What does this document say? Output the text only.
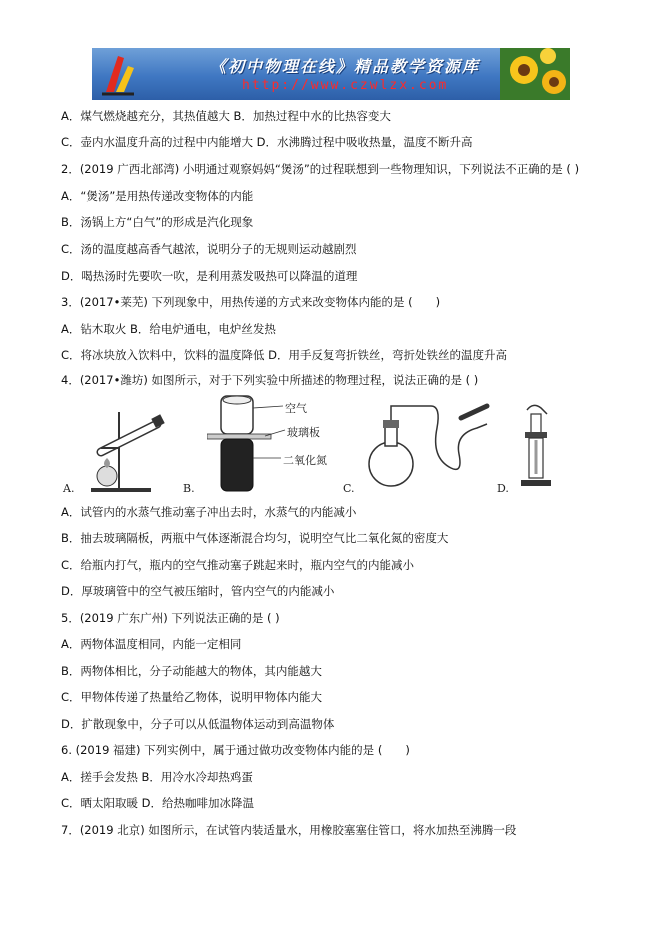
《初中物理在线》精品教学资源库
http://www.czwlzx.com
A．煤气燃烧越充分，其热值越大 B．加热过程中水的比热容变大
C．壶内水温度升高的过程中内能增大 D．水沸腾过程中吸收热量，温度不断升高
2．(2019 广西北部湾) 小明通过观察妈妈“煲汤”的过程联想到一些物理知识，下列说法不正确的是 ( )
A．“煲汤”是用热传递改变物体的内能
B．汤锅上方“白气”的形成是汽化现象
C．汤的温度越高香气越浓，说明分子的无规则运动越剧烈
D．喝热汤时先要吹一吹，是利用蒸发吸热可以降温的道理
3．(2017•莱芜) 下列现象中，用热传递的方式来改变物体内能的是 (　　)
A．钻木取火 B．给电炉通电，电炉丝发热
C．将冰块放入饮料中，饮料的温度降低 D．用手反复弯折铁丝，弯折处铁丝的温度升高
4．(2017•潍坊) 如图所示，对于下列实验中所描述的物理过程，说法正确的是 ( )
A.	B.
空气
玻璃板
二氧化氮
C.	D.
A．试管内的水蒸气推动塞子冲出去时，水蒸气的内能减小
B．抽去玻璃隔板，两瓶中气体逐渐混合均匀，说明空气比二氧化氮的密度大
C．给瓶内打气，瓶内的空气推动塞子跳起来时，瓶内空气的内能减小
D．厚玻璃管中的空气被压缩时，管内空气的内能减小
5．(2019 广东广州) 下列说法正确的是 ( )
A．两物体温度相同，内能一定相同
B．两物体相比，分子动能越大的物体，其内能越大
C．甲物体传递了热量给乙物体，说明甲物体内能大
D．扩散现象中，分子可以从低温物体运动到高温物体
6. (2019 福建) 下列实例中，属于通过做功改变物体内能的是 (　　)
A．搓手会发热 B．用冷水冷却热鸡蛋
C．晒太阳取暖 D．给热咖啡加冰降温
7．(2019 北京) 如图所示，在试管内装适量水，用橡胶塞塞住管口，将水加热至沸腾一段
